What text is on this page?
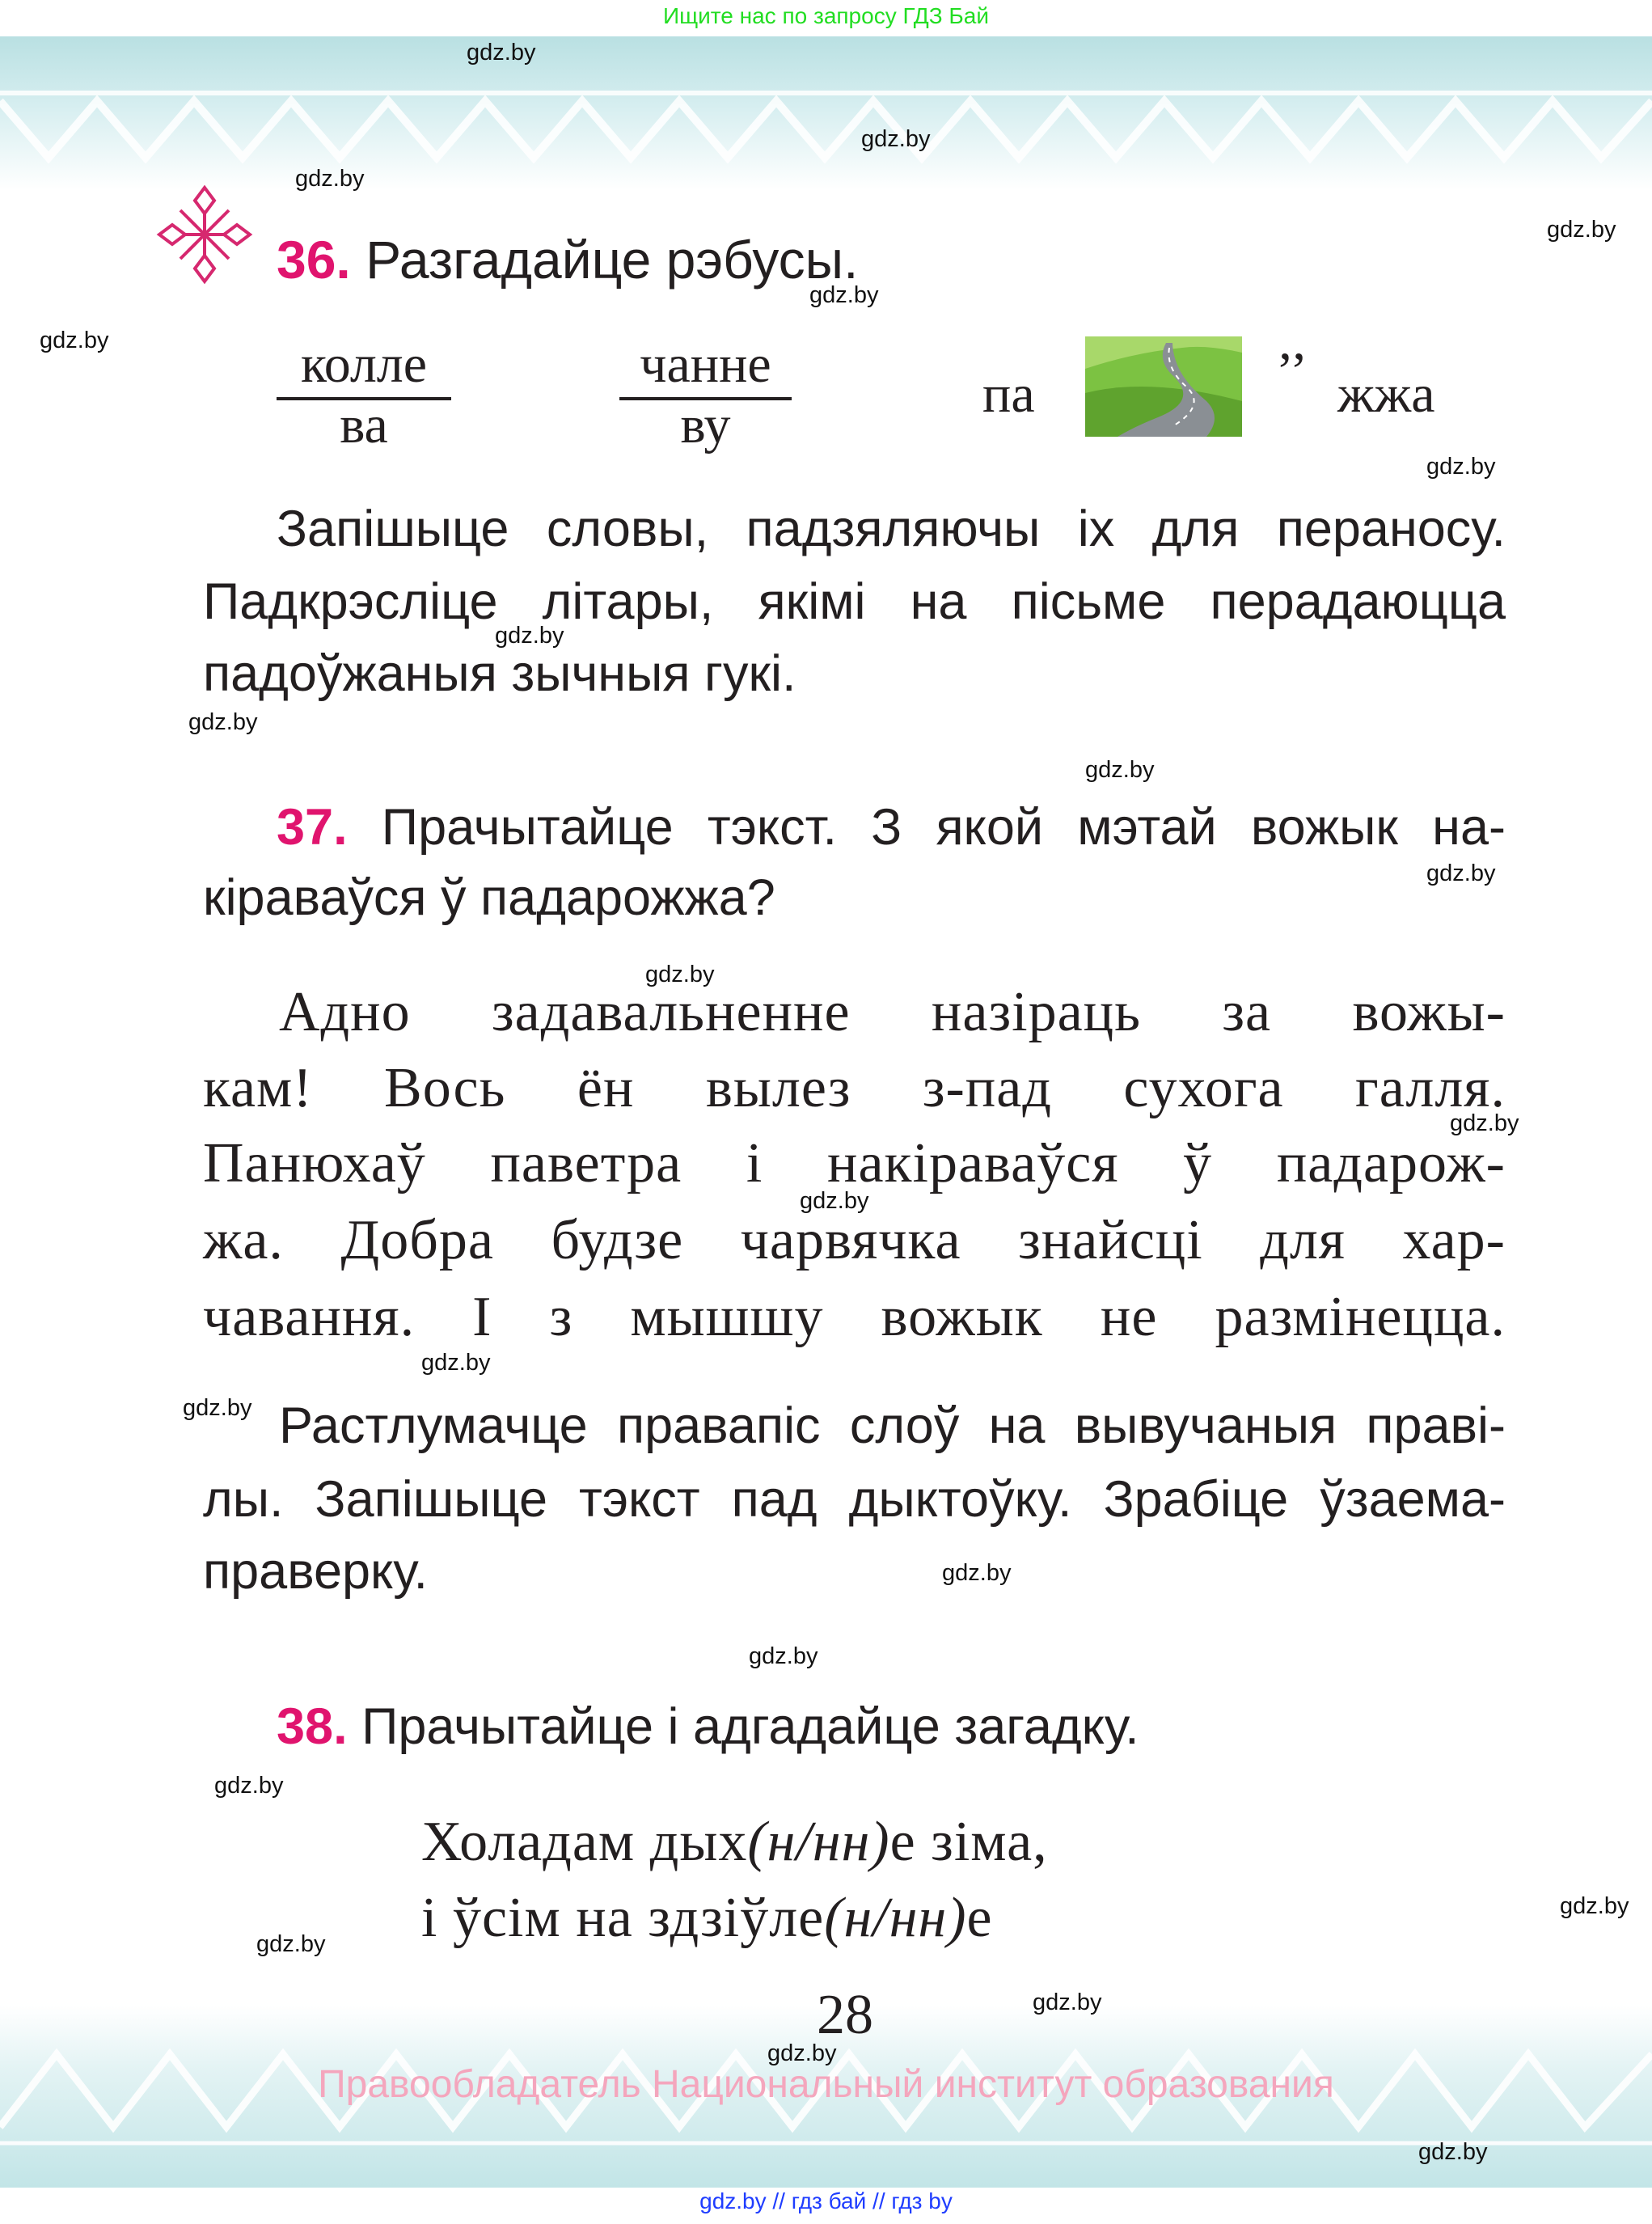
Ищите нас по запросу ГДЗ Бай
36. Разгадайце рэбусы.
колле
ва
чанне
ву
па	’’ жжа
Запішыце словы, падзяляючы іх для пераносу.
Падкрэсліце літары, якімі на пісьме перадаюцца
падоўжаныя зычныя гукі.
37. Прачытайце тэкст. З якой мэтай вожык на-
кіраваўся ў падарожжа?
Адно задавальненне назіраць за вожы-
кам! Вось ён вылез з-пад сухога галля.
Панюхаў паветра і накіраваўся ў падарож-
жа. Добра будзе чарвячка знайсці для хар-
чавання. І з мышшу вожык не размінецца.
Растлумачце правапіс слоў на вывучаныя праві-
лы. Запішыце тэкст пад дыктоўку. Зрабіце ўзаема-
праверку.
38. Прачытайце і адгадайце загадку.
Холадам дых(н/нн)е зіма,
і ўсім на здзіўле(н/нн)е
28
Правообладатель Национальный институт образования
gdz.by // гдз бай // гдз by
gdz.by
gdz.by
gdz.by
gdz.by
gdz.by
gdz.by
gdz.by
gdz.by
gdz.by
gdz.by
gdz.by
gdz.by
gdz.by
gdz.by
gdz.by
gdz.by
gdz.by
gdz.by
gdz.by
gdz.by
gdz.by
gdz.by
gdz.by
gdz.by
